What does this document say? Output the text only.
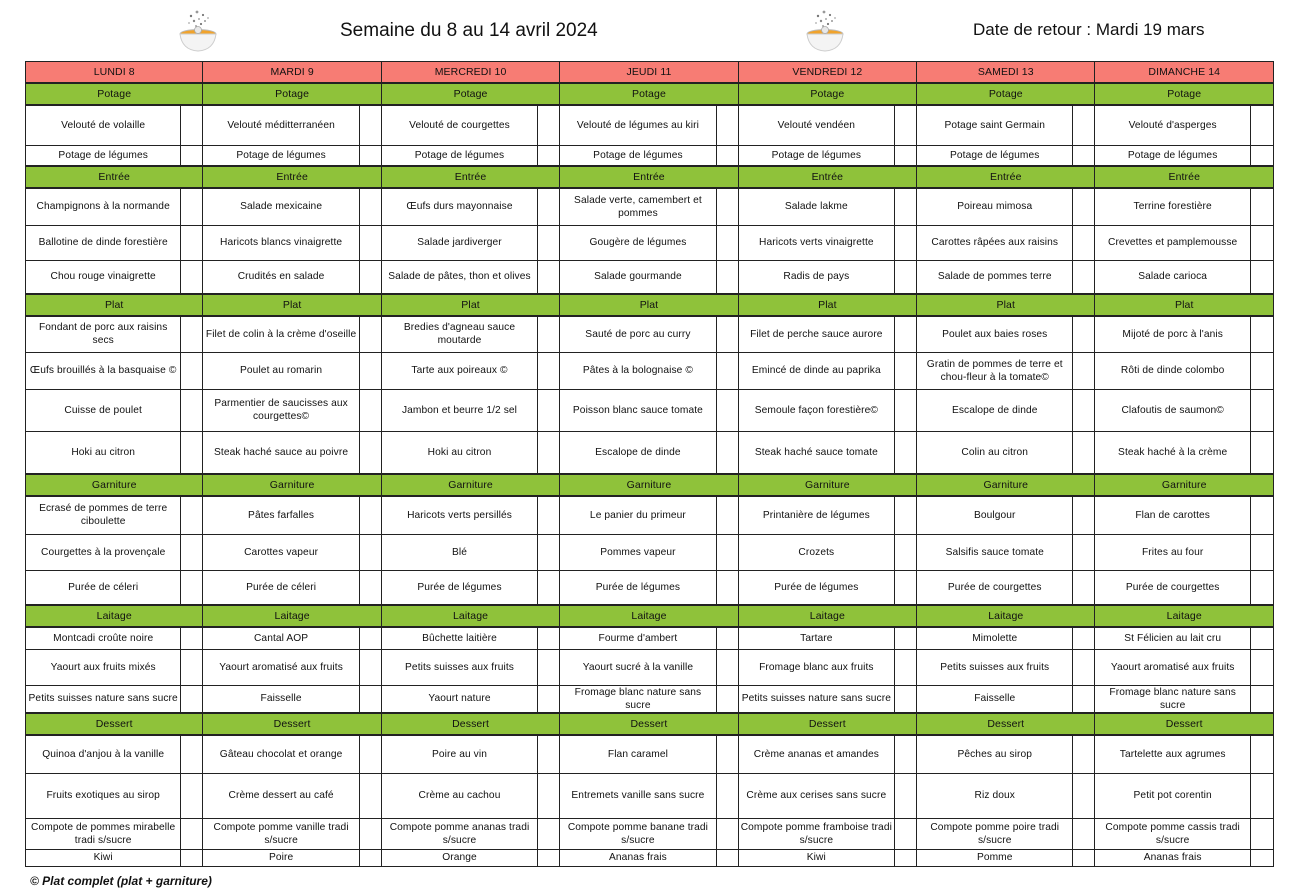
Semaine du 8 au 14 avril 2024	Date de retour : Mardi 19 mars
LUNDI 8		MARDI 9		MERCREDI 10		JEUDI 11		VENDREDI 12		SAMEDI 13		DIMANCHE 14	
Potage		Potage		Potage		Potage		Potage		Potage		Potage	
Velouté de volaille		Velouté méditterranéen		Velouté de courgettes		Velouté de légumes au kiri		Velouté vendéen		Potage saint Germain		Velouté d'asperges	
Potage de légumes		Potage de légumes		Potage de légumes		Potage de légumes		Potage de légumes		Potage de légumes		Potage de légumes	
Entrée		Entrée		Entrée		Entrée		Entrée		Entrée		Entrée	
Champignons à la normande		Salade mexicaine		Œufs durs mayonnaise		Salade verte, camembert et pommes		Salade lakme		Poireau mimosa		Terrine forestière	
Ballotine de dinde forestière		Haricots blancs vinaigrette		Salade jardiverger		Gougère de légumes		Haricots verts vinaigrette		Carottes râpées aux raisins		Crevettes et pamplemousse	
Chou rouge vinaigrette		Crudités en salade		Salade de pâtes, thon et olives		Salade gourmande		Radis de pays		Salade de pommes terre		Salade carioca	
Plat		Plat		Plat		Plat		Plat		Plat		Plat	
Fondant de porc aux raisins secs		Filet de colin à la crème d'oseille		Bredies d'agneau sauce moutarde		Sauté de porc au curry		Filet de perche sauce aurore		Poulet aux baies roses		Mijoté de porc à l'anis	
Œufs brouillés à la basquaise ©		Poulet au romarin		Tarte aux poireaux ©		Pâtes à la bolognaise ©		Emincé de dinde au paprika		Gratin de pommes de terre et chou-fleur à la tomate©		Rôti de dinde colombo	
Cuisse de poulet		Parmentier de saucisses aux courgettes©		Jambon et beurre 1/2 sel		Poisson blanc sauce tomate		Semoule façon forestière©		Escalope de dinde		Clafoutis de saumon©	
Hoki au citron		Steak haché sauce au poivre		Hoki au citron		Escalope de dinde		Steak haché sauce tomate		Colin au citron		Steak haché à la crème	
Garniture		Garniture		Garniture		Garniture		Garniture		Garniture		Garniture	
Ecrasé de pommes de terre ciboulette		Pâtes farfalles		Haricots verts persillés		Le panier du primeur		Printanière de légumes		Boulgour		Flan de carottes	
Courgettes à la provençale		Carottes vapeur		Blé		Pommes vapeur		Crozets		Salsifis sauce tomate		Frites au four	
Purée de céleri		Purée de céleri		Purée de légumes		Purée de légumes		Purée de légumes		Purée de courgettes		Purée de courgettes	
Laitage		Laitage		Laitage		Laitage		Laitage		Laitage		Laitage	
Montcadi croûte noire		Cantal AOP		Bûchette laitière		Fourme d'ambert		Tartare		Mimolette		St Félicien au lait cru	
Yaourt aux fruits mixés		Yaourt aromatisé aux fruits		Petits suisses aux fruits		Yaourt sucré à la vanille		Fromage blanc aux fruits		Petits suisses aux fruits		Yaourt aromatisé aux fruits	
Petits suisses nature sans sucre		Faisselle		Yaourt nature		Fromage blanc nature sans sucre		Petits suisses nature sans sucre		Faisselle		Fromage blanc nature sans sucre	
Dessert		Dessert		Dessert		Dessert		Dessert		Dessert		Dessert	
Quinoa d'anjou à la vanille		Gâteau chocolat et orange		Poire au vin		Flan caramel		Crème ananas et amandes		Pêches au sirop		Tartelette aux agrumes	
Fruits exotiques au sirop		Crème dessert au café		Crème au cachou		Entremets vanille sans sucre		Crème aux cerises sans sucre		Riz doux		Petit pot corentin	
Compote de pommes mirabelle tradi s/sucre		Compote pomme vanille tradi s/sucre		Compote pomme ananas tradi s/sucre		Compote pomme banane tradi s/sucre		Compote pomme framboise tradi s/sucre		Compote pomme poire tradi s/sucre		Compote pomme cassis tradi s/sucre	
Kiwi		Poire		Orange		Ananas frais		Kiwi		Pomme		Ananas frais	
© Plat complet (plat + garniture)
